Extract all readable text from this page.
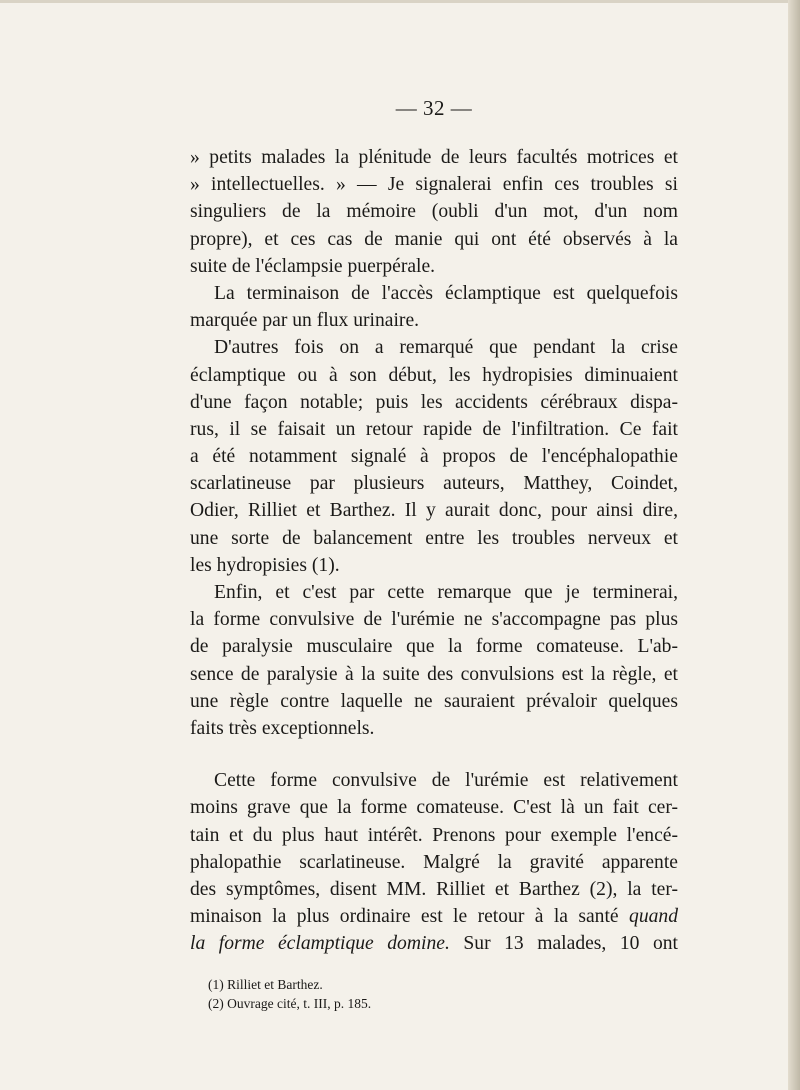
— 32 —
» petits malades la plénitude de leurs facultés motrices et
» intellectuelles. » — Je signalerai enfin ces troubles si
singuliers de la mémoire (oubli d'un mot, d'un nom
propre), et ces cas de manie qui ont été observés à la
suite de l'éclampsie puerpérale.
La terminaison de l'accès éclamptique est quelquefois
marquée par un flux urinaire.
D'autres fois on a remarqué que pendant la crise
éclamptique ou à son début, les hydropisies diminuaient
d'une façon notable; puis les accidents cérébraux dispa-
rus, il se faisait un retour rapide de l'infiltration. Ce fait
a été notamment signalé à propos de l'encéphalopathie
scarlatineuse par plusieurs auteurs, Matthey, Coindet,
Odier, Rilliet et Barthez. Il y aurait donc, pour ainsi dire,
une sorte de balancement entre les troubles nerveux et
les hydropisies (1).
Enfin, et c'est par cette remarque que je terminerai,
la forme convulsive de l'urémie ne s'accompagne pas plus
de paralysie musculaire que la forme comateuse. L'ab-
sence de paralysie à la suite des convulsions est la règle, et
une règle contre laquelle ne sauraient prévaloir quelques
faits très exceptionnels.
Cette forme convulsive de l'urémie est relativement
moins grave que la forme comateuse. C'est là un fait cer-
tain et du plus haut intérêt. Prenons pour exemple l'encé-
phalopathie scarlatineuse. Malgré la gravité apparente
des symptômes, disent MM. Rilliet et Barthez (2), la ter-
minaison la plus ordinaire est le retour à la santé quand
la forme éclamptique domine. Sur 13 malades, 10 ont
(1) Rilliet et Barthez.
(2) Ouvrage cité, t. III, p. 185.
